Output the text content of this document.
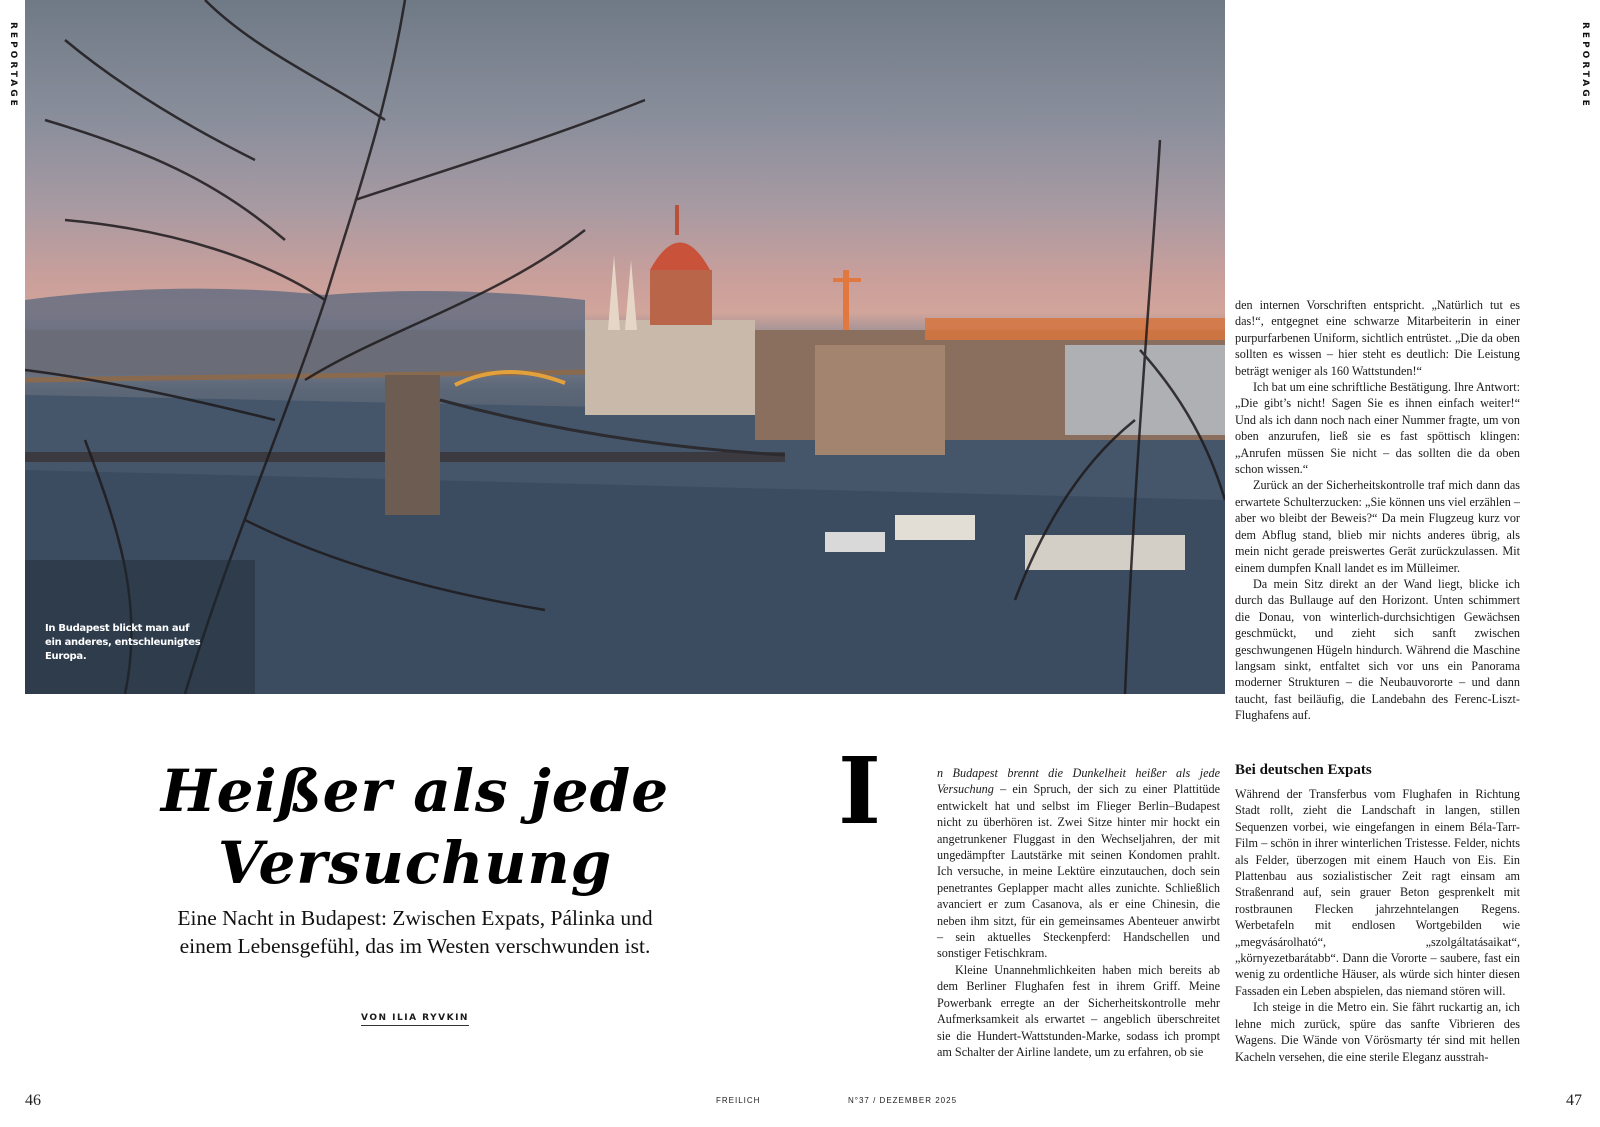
REPORTAGE	REPORTAGE
In Budapest blickt man auf ein anderes, entschleunigtes Europa.
Heißer als jede Versuchung

Eine Nacht in Budapest: Zwischen Expats, Pálinka und einem Lebensgefühl, das im Westen verschwunden ist.

VON ILIA RYVKIN
I	n Budapest brennt die Dunkelheit heißer als jede Versuchung – ein Spruch, der sich zu einer Plattitüde entwickelt hat und selbst im Flieger Berlin–Budapest nicht zu überhören ist. Zwei Sitze hinter mir hockt ein angetrunkener Fluggast in den Wechseljahren, der mit ungedämpfter Lautstärke mit seinen Kondomen prahlt. Ich versuche, in meine Lektüre einzutauchen, doch sein penetrantes Geplapper macht alles zunichte. Schließlich avanciert er zum Casanova, als er eine Chinesin, die neben ihm sitzt, für ein gemeinsames Abenteuer anwirbt – sein aktuelles Steckenpferd: Handschellen und sonstiger Fetischkram.

Kleine Unannehmlichkeiten haben mich bereits ab dem Berliner Flughafen fest in ihrem Griff. Meine Powerbank erregte an der Sicherheitskontrolle mehr Aufmerksamkeit als erwartet – angeblich überschreitet sie die Hundert-Wattstunden-Marke, sodass ich prompt am Schalter der Airline landete, um zu erfahren, ob sie

den internen Vorschriften entspricht. „Natürlich tut es das!“, entgegnet eine schwarze Mitarbeiterin in einer purpurfarbenen Uniform, sichtlich entrüstet. „Die da oben sollten es wissen – hier steht es deutlich: Die Leistung beträgt weniger als 160 Wattstunden!“

Ich bat um eine schriftliche Bestätigung. Ihre Antwort: „Die gibt’s nicht! Sagen Sie es ihnen einfach weiter!“ Und als ich dann noch nach einer Nummer fragte, um von oben anzurufen, ließ sie es fast spöttisch klingen: „Anrufen müssen Sie nicht – das sollten die da oben schon wissen.“

Zurück an der Sicherheitskontrolle traf mich dann das erwartete Schulterzucken: „Sie können uns viel erzählen – aber wo bleibt der Beweis?“ Da mein Flugzeug kurz vor dem Abflug stand, blieb mir nichts anderes übrig, als mein nicht gerade preiswertes Gerät zurückzulassen. Mit einem dumpfen Knall landet es im Mülleimer.

Da mein Sitz direkt an der Wand liegt, blicke ich durch das Bullauge auf den Horizont. Unten schimmert die Donau, von winterlich-durchsichtigen Gewächsen geschmückt, und zieht sich sanft zwischen geschwungenen Hügeln hindurch. Während die Maschine langsam sinkt, entfaltet sich vor uns ein Panorama moderner Strukturen – die Neubauvororte – und dann taucht, fast beiläufig, die Landebahn des Ferenc-Liszt-Flughafens auf.

Bei deutschen Expats

Während der Transferbus vom Flughafen in Richtung Stadt rollt, zieht die Landschaft in langen, stillen Sequenzen vorbei, wie eingefangen in einem Béla-Tarr-Film – schön in ihrer winterlichen Tristesse. Felder, nichts als Felder, überzogen mit einem Hauch von Eis. Ein Plattenbau aus sozialistischer Zeit ragt einsam am Straßenrand auf, sein grauer Beton gesprenkelt mit rostbraunen Flecken jahrzehntelangen Regens. Werbetafeln mit endlosen Wortgebilden wie „megvásárolható“, „szolgáltatásaikat“, „környezetbarátabb“. Dann die Vororte – saubere, fast ein wenig zu ordentliche Häuser, als würde sich hinter diesen Fassaden ein Leben abspielen, das niemand stören will.

Ich steige in die Metro ein. Sie fährt ruckartig an, ich lehne mich zurück, spüre das sanfte Vibrieren des Wagens. Die Wände von Vörösmarty tér sind mit hellen Kacheln versehen, die eine sterile Eleganz ausstrah-

46	FREILICH	N°37 / DEZEMBER 2025	47
